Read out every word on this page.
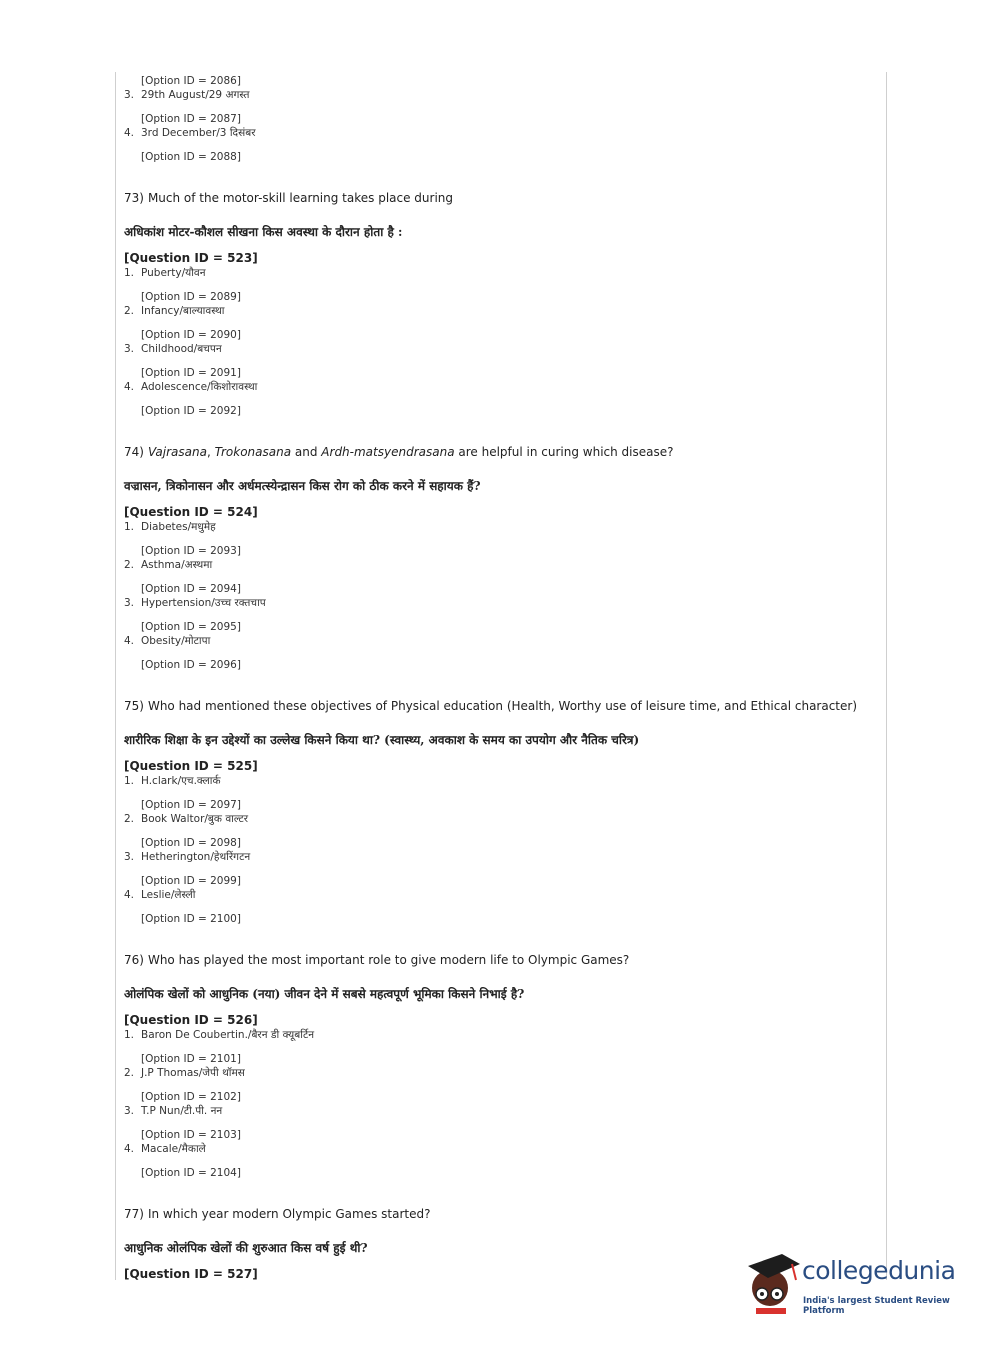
[Option ID = 2086]
3. 29th August/29 अगस्त
[Option ID = 2087]
4. 3rd December/3 दिसंबर
[Option ID = 2088]
73) Much of the motor-skill learning takes place during
अधिकांश मोटर-कौशल सीखना किस अवस्था के दौरान होता है :
[Question ID = 523]
1. Puberty/यौवन
[Option ID = 2089]
2. Infancy/बाल्यावस्था
[Option ID = 2090]
3. Childhood/बचपन
[Option ID = 2091]
4. Adolescence/किशोरावस्था
[Option ID = 2092]
74) Vajrasana, Trokonasana and Ardh-matsyendrasana are helpful in curing which disease?
वज्रासन, त्रिकोनासन और अर्धमत्स्येन्द्रासन किस रोग को ठीक करने में सहायक हैं?
[Question ID = 524]
1. Diabetes/मधुमेह
[Option ID = 2093]
2. Asthma/अस्थमा
[Option ID = 2094]
3. Hypertension/उच्च रक्तचाप
[Option ID = 2095]
4. Obesity/मोटापा
[Option ID = 2096]
75) Who had mentioned these objectives of Physical education (Health, Worthy use of leisure time, and Ethical character)
शारीरिक शिक्षा के इन उद्देश्यों का उल्लेख किसने किया था? (स्वास्थ्य, अवकाश के समय का उपयोग और नैतिक चरित्र)
[Question ID = 525]
1. H.clark/एच.क्लार्क
[Option ID = 2097]
2. Book Waltor/बुक वाल्टर
[Option ID = 2098]
3. Hetherington/हेथरिंगटन
[Option ID = 2099]
4. Leslie/लेस्ली
[Option ID = 2100]
76) Who has played the most important role to give modern life to Olympic Games?
ओलंपिक खेलों को आधुनिक (नया) जीवन देने में सबसे महत्वपूर्ण भूमिका किसने निभाई है?
[Question ID = 526]
1. Baron De Coubertin./बैरन डी क्यूबर्टिन
[Option ID = 2101]
2. J.P Thomas/जेपी थॉमस
[Option ID = 2102]
3. T.P Nun/टी.पी. नन
[Option ID = 2103]
4. Macale/मैकाले
[Option ID = 2104]
77) In which year modern Olympic Games started?
आधुनिक ओलंपिक खेलों की शुरुआत किस वर्ष हुई थी?
[Question ID = 527]	collegedunia
India's largest Student Review Platform
